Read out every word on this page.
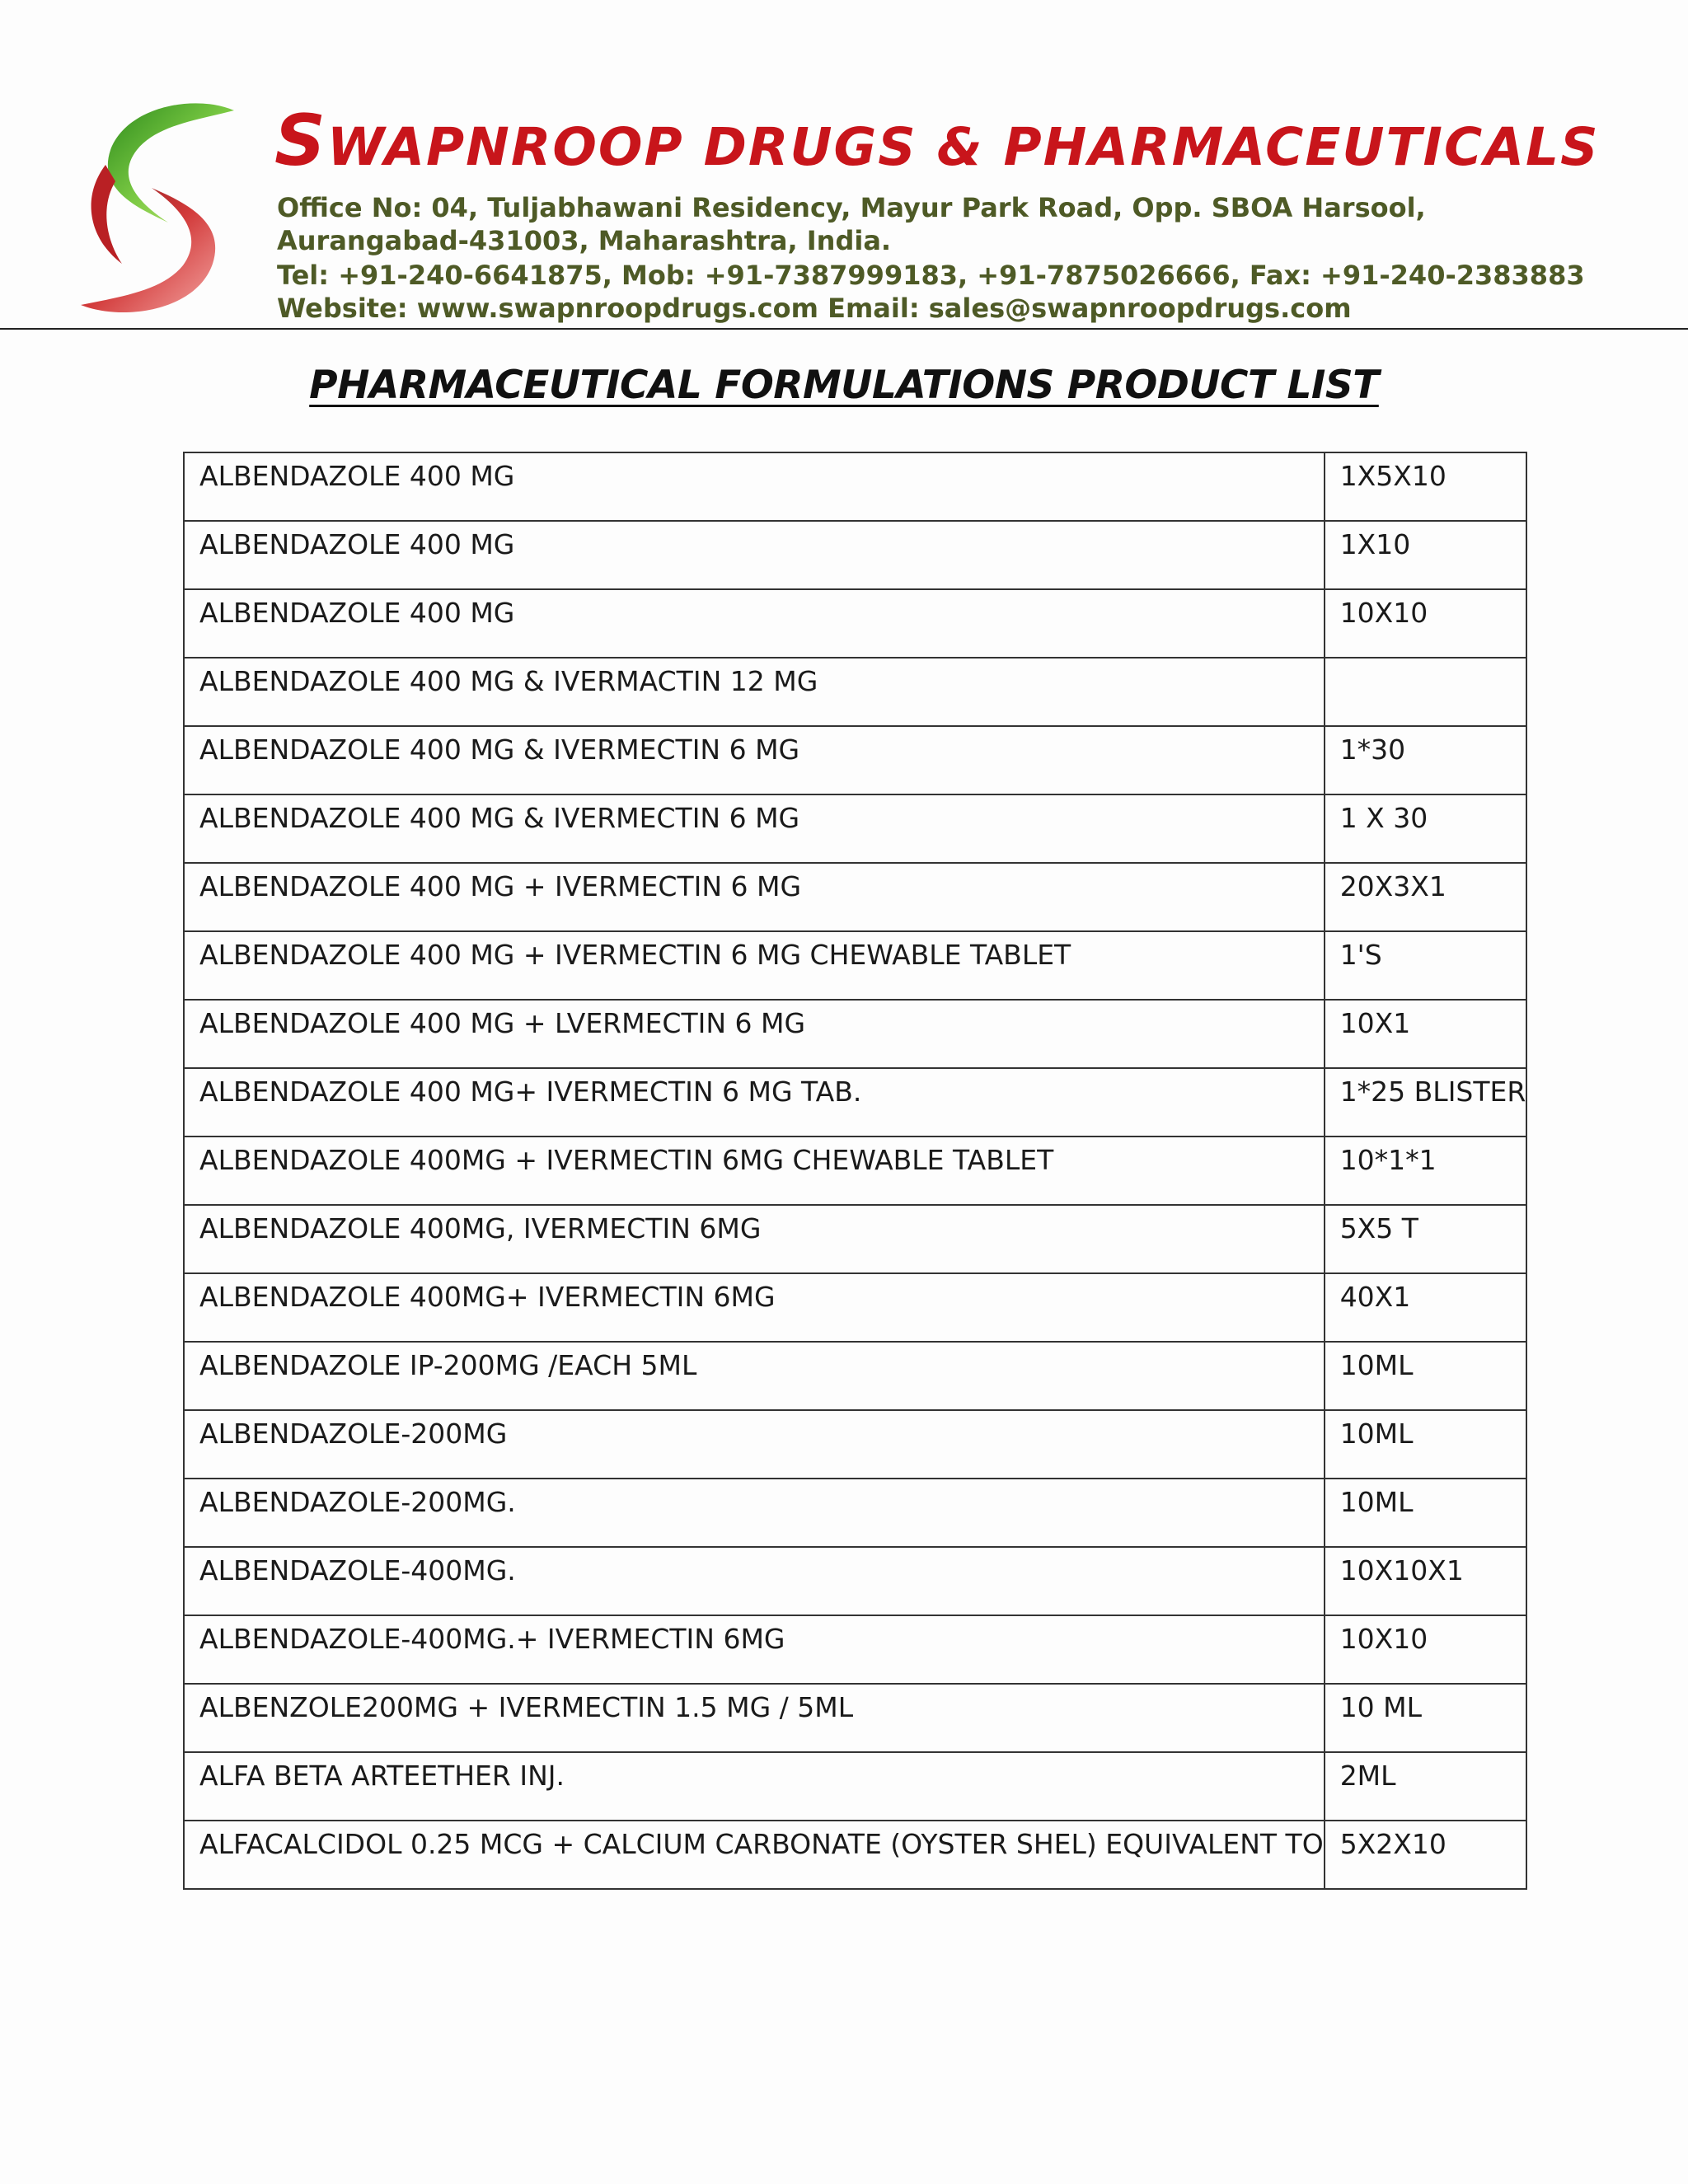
SWAPNROOP DRUGS & PHARMACEUTICALS
Office No: 04, Tuljabhawani Residency, Mayur Park Road, Opp. SBOA Harsool,
Aurangabad-431003, Maharashtra, India.
Tel: +91-240-6641875, Mob: +91-7387999183, +91-7875026666, Fax: +91-240-2383883
Website: www.swapnroopdrugs.com Email: sales@swapnroopdrugs.com
PHARMACEUTICAL FORMULATIONS PRODUCT LIST
ALBENDAZOLE 400 MG	1X5X10
ALBENDAZOLE 400 MG	1X10
ALBENDAZOLE 400 MG	10X10
ALBENDAZOLE 400 MG & IVERMACTIN 12 MG	
ALBENDAZOLE 400 MG & IVERMECTIN 6 MG	1*30
ALBENDAZOLE 400 MG & IVERMECTIN 6 MG	1 X 30
ALBENDAZOLE 400 MG + IVERMECTIN 6 MG	20X3X1
ALBENDAZOLE 400 MG + IVERMECTIN 6 MG CHEWABLE TABLET	1'S
ALBENDAZOLE 400 MG + LVERMECTIN 6 MG	10X1
ALBENDAZOLE 400 MG+ IVERMECTIN 6 MG TAB.	1*25 BLISTER
ALBENDAZOLE 400MG + IVERMECTIN 6MG CHEWABLE TABLET	10*1*1
ALBENDAZOLE 400MG, IVERMECTIN 6MG	5X5 T
ALBENDAZOLE 400MG+ IVERMECTIN 6MG	40X1
ALBENDAZOLE IP-200MG /EACH 5ML	10ML
ALBENDAZOLE-200MG	10ML
ALBENDAZOLE-200MG.	10ML
ALBENDAZOLE-400MG.	10X10X1
ALBENDAZOLE-400MG.+ IVERMECTIN 6MG	10X10
ALBENZOLE200MG + IVERMECTIN 1.5 MG / 5ML	10 ML
ALFA BETA ARTEETHER INJ.	2ML
ALFACALCIDOL 0.25 MCG + CALCIUM CARBONATE (OYSTER SHEL) EQUIVALENT TO	5X2X10
